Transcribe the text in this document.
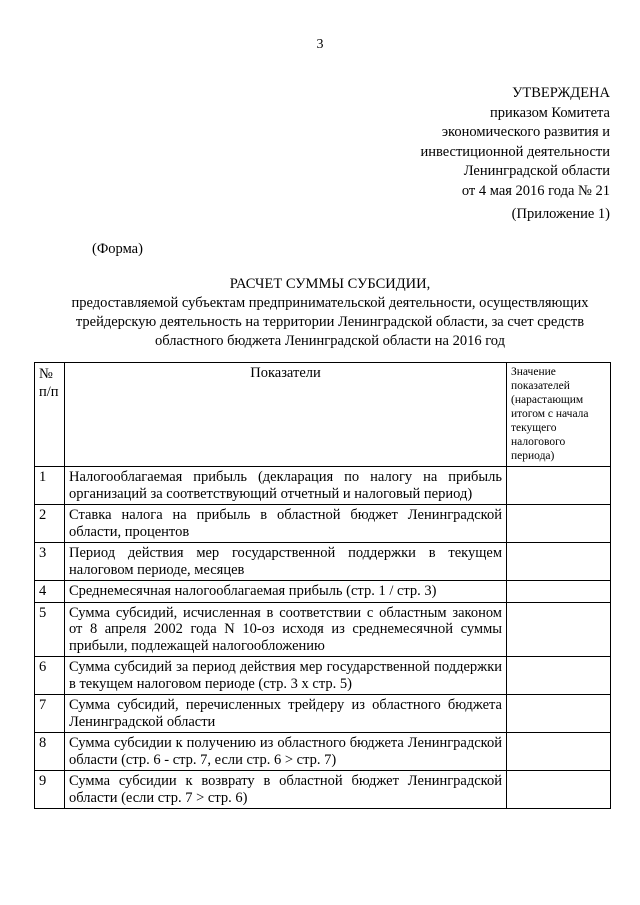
3
УТВЕРЖДЕНА
приказом Комитета
экономического развития и
инвестиционной деятельности
Ленинградской области
от 4 мая 2016 года № 21
(Приложение 1)
(Форма)
РАСЧЕТ СУММЫ СУБСИДИИ,
предоставляемой субъектам предпринимательской деятельности, осуществляющих трейдерскую деятельность на территории Ленинградской области, за счет средств областного бюджета Ленинградской области на 2016 год
№ п/п	Показатели	Значение показателей (нарастающим итогом с начала текущего налогового периода)
1	Налогооблагаемая прибыль (декларация по налогу на прибыль организаций за соответствующий отчетный и налоговый период)	
2	Ставка налога на прибыль в областной бюджет Ленинградской области, процентов	
3	Период действия мер государственной поддержки в текущем налоговом периоде, месяцев	
4	Среднемесячная налогооблагаемая прибыль (стр. 1 / стр. 3)	
5	Сумма субсидий, исчисленная в соответствии с областным законом от 8 апреля 2002 года N 10-оз исходя из среднемесячной суммы прибыли, подлежащей налогообложению	
6	Сумма субсидий за период действия мер государственной поддержки в текущем налоговом периоде (стр. 3 х стр. 5)	
7	Сумма субсидий, перечисленных трейдеру из областного бюджета Ленинградской области	
8	Сумма субсидии к получению из областного бюджета Ленинградской области (стр. 6 - стр. 7, если стр. 6 > стр. 7)	
9	Сумма субсидии к возврату в областной бюджет Ленинградской области (если стр. 7 > стр. 6)	
